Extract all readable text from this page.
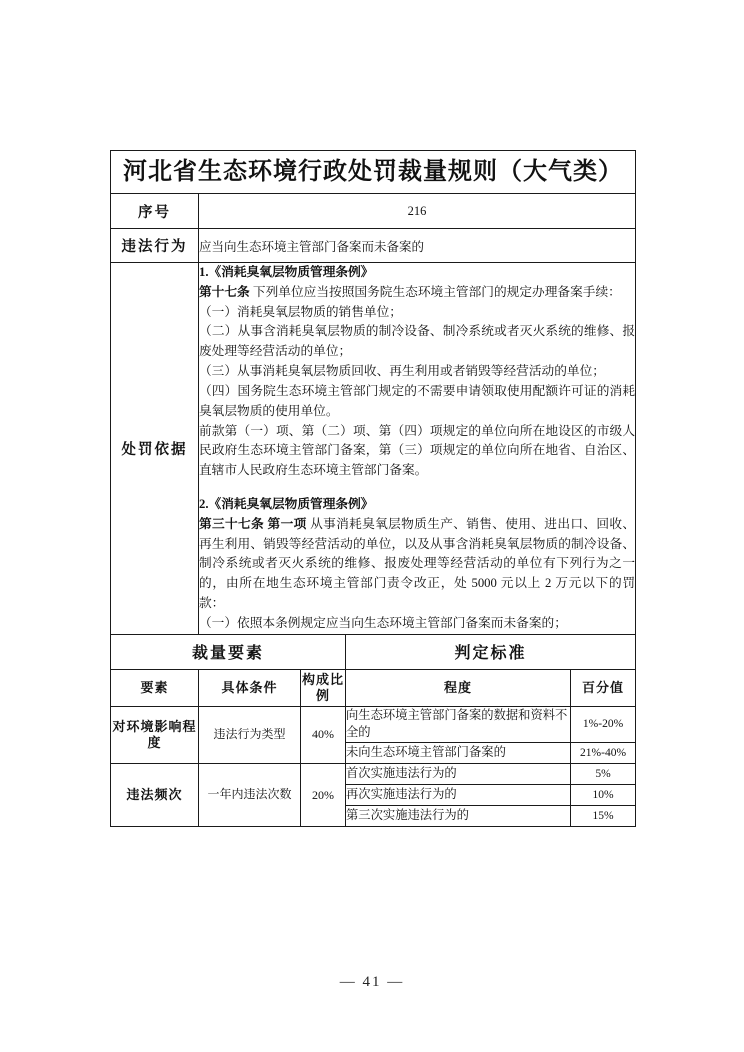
河北省生态环境行政处罚裁量规则（大气类）				
序号	216			
违法行为	应当向生态环境主管部门备案而未备案的			
处罚依据	

1.《消耗臭氧层物质管理条例》

第十七条 下列单位应当按照国务院生态环境主管部门的规定办理备案手续：

（一）消耗臭氧层物质的销售单位；

（二）从事含消耗臭氧层物质的制冷设备、制冷系统或者灭火系统的维修、报废处理等经营活动的单位；

（三）从事消耗臭氧层物质回收、再生利用或者销毁等经营活动的单位；

（四）国务院生态环境主管部门规定的不需要申请领取使用配额许可证的消耗臭氧层物质的使用单位。

前款第（一）项、第（二）项、第（四）项规定的单位向所在地设区的市级人民政府生态环境主管部门备案，第（三）项规定的单位向所在地省、自治区、直辖市人民政府生态环境主管部门备案。

2.《消耗臭氧层物质管理条例》

第三十七条 第一项 从事消耗臭氧层物质生产、销售、使用、进出口、回收、再生利用、销毁等经营活动的单位，以及从事含消耗臭氧层物质的制冷设备、制冷系统或者灭火系统的维修、报废处理等经营活动的单位有下列行为之一的，由所在地生态环境主管部门责令改正，处 5000 元以上 2 万元以下的罚款：

（一）依照本条例规定应当向生态环境主管部门备案而未备案的；

裁量要素			判定标准	
要素	具体条件	构成比例	程度	百分值
对环境影响程度	违法行为类型	40%	向生态环境主管部门备案的数据和资料不全的	1%-20%
			未向生态环境主管部门备案的	21%-40%
违法频次	一年内违法次数	20%	首次实施违法行为的	5%
			再次实施违法行为的	10%
			第三次实施违法行为的	15%
— 41 —
